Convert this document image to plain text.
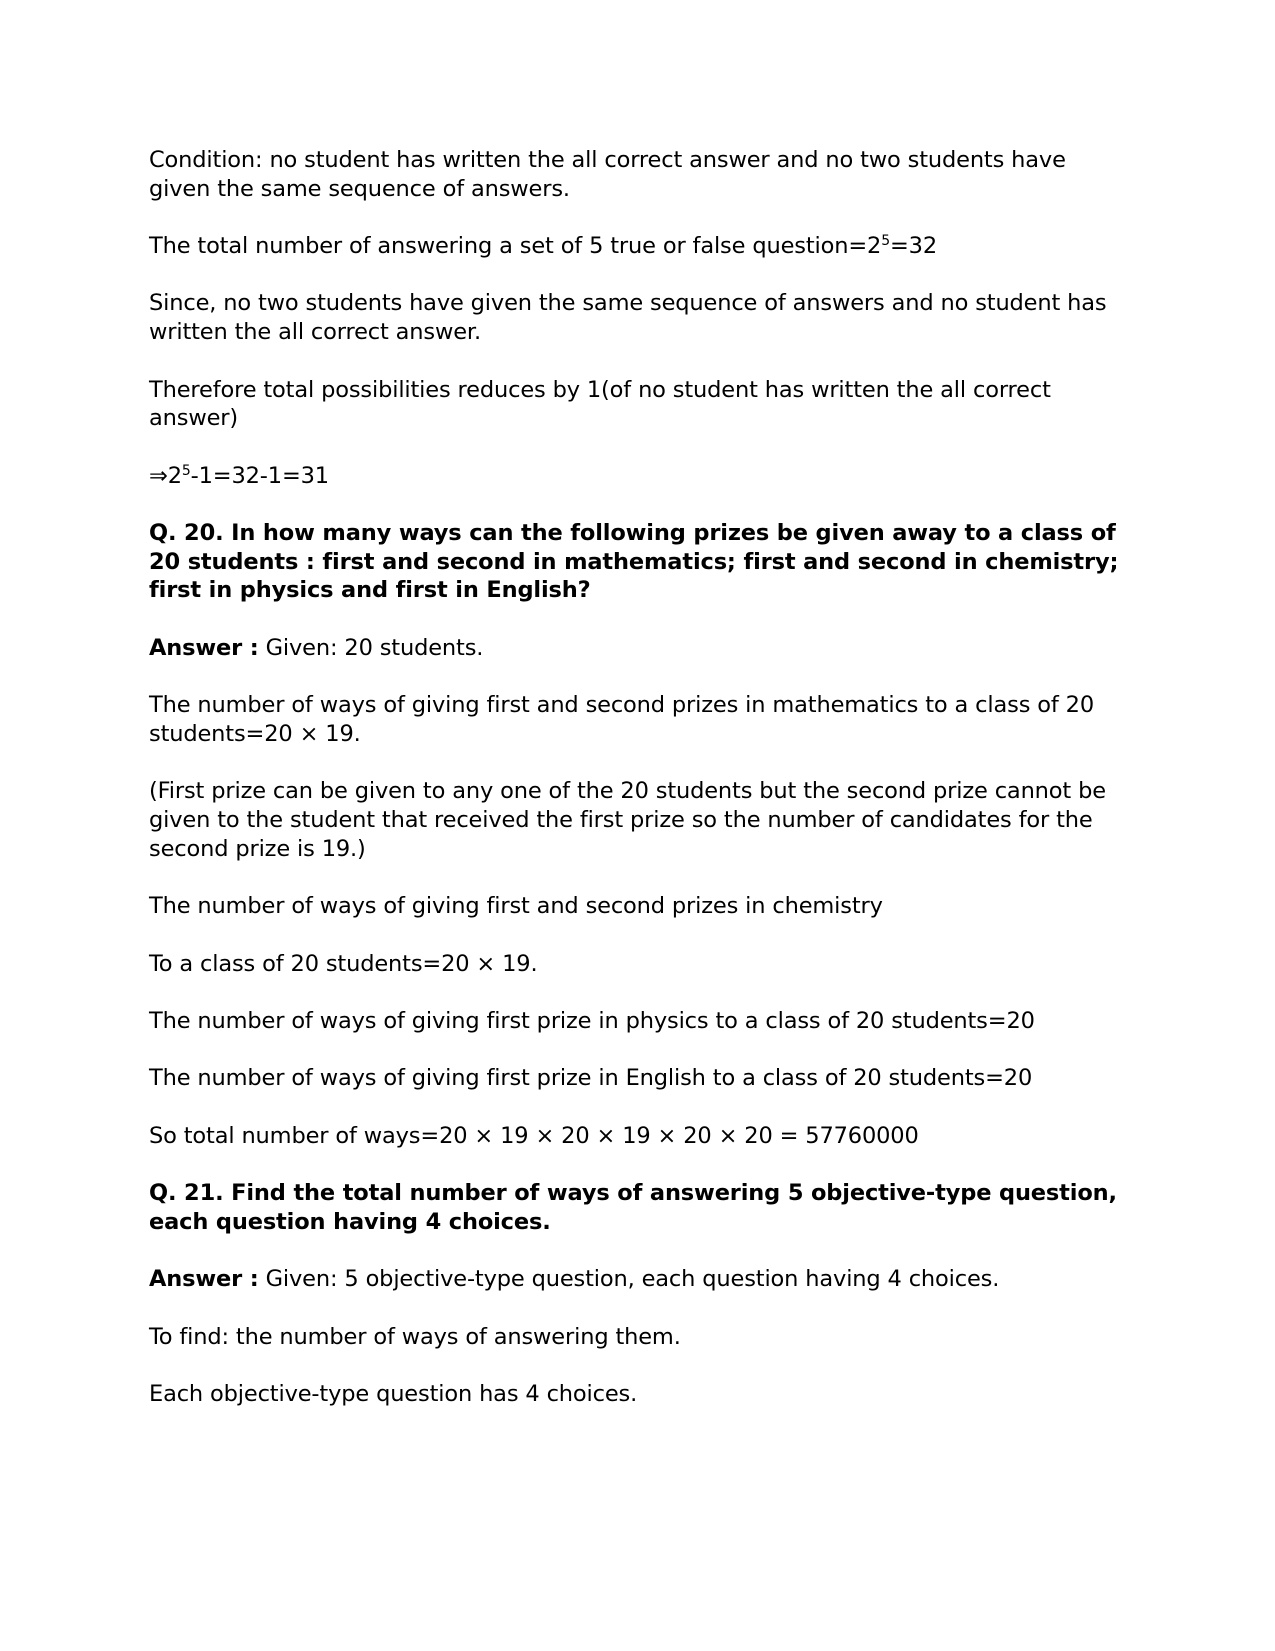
Condition: no student has written the all correct answer and no two students have given the same sequence of answers.

The total number of answering a set of 5 true or false $question=2^5=32$

Since, no two students have given the same sequence of answers and no student has written the all correct answer.

Therefore total possibilities reduces by 1(of no student has written the all correct answer)

$\Rightarrow 2^5-1=32-1=31$

Q. 20. In how many ways can the following prizes be given away to a class of 20 students : first and second in mathematics; first and second in chemistry; first in physics and first in English?

Answer : Given: 20 students.

The number of ways of giving first and second prizes in mathematics to a class of 20 students=20 × 19.

(First prize can be given to any one of the 20 students but the second prize cannot be given to the student that received the first prize so the number of candidates for the second prize is 19.)

The number of ways of giving first and second prizes in chemistry

To a class of 20 students=20 × 19.

The number of ways of giving first prize in physics to a class of 20 students=20

The number of ways of giving first prize in English to a class of 20 students=20

So total number of ways=20 × 19 × 20 × 19 × 20 × 20 = 57760000

Q. 21. Find the total number of ways of answering 5 objective-type question, each question having 4 choices.

Answer : Given: 5 objective-type question, each question having 4 choices.

To find: the number of ways of answering them.

Each objective-type question has 4 choices.
